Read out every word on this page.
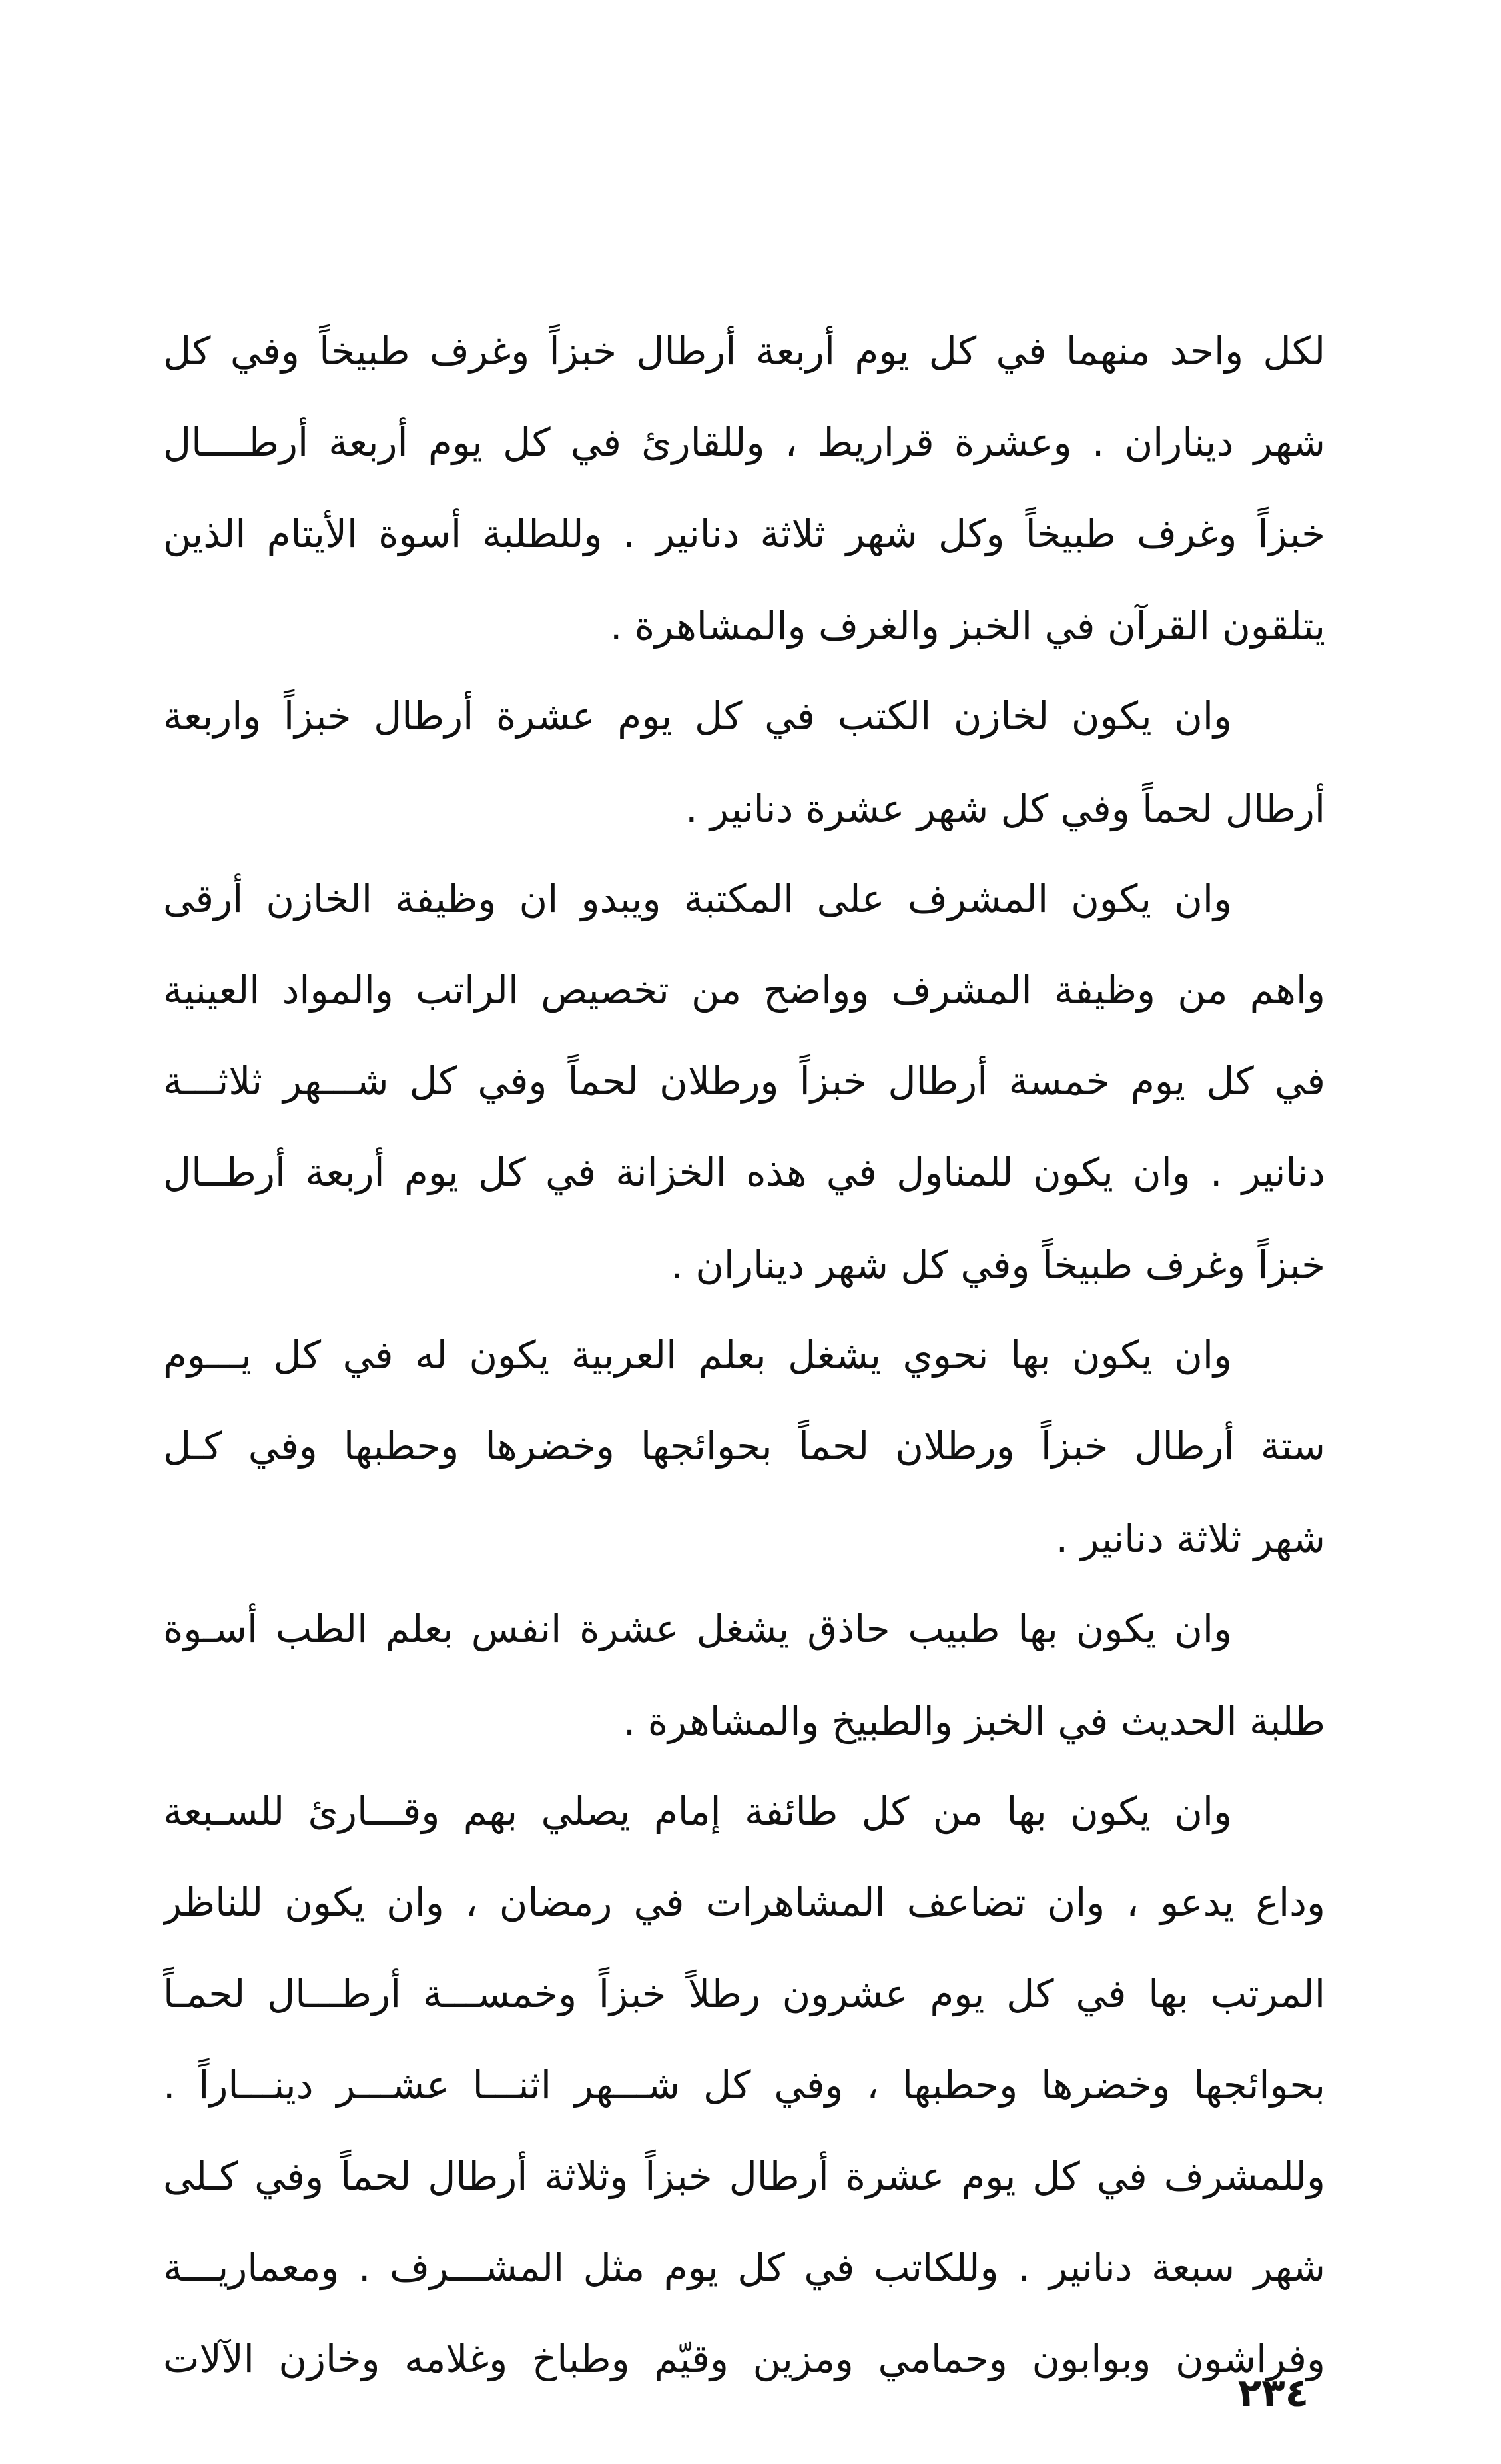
لكل واحد منهما في كل يوم أربعة أرطال خبزاً وغرف طبيخاً وفي كل
شهر ديناران . وعشرة قراريط ، وللقارئ في كل يوم أربعة أرطــــال
خبزاً وغرف طبيخاً وكل شهر ثلاثة دنانير . وللطلبة أسوة الأيتام الذين
يتلقون القرآن في الخبز والغرف والمشاهرة .
وان يكون لخازن الكتب في كل يوم عشرة أرطال خبزاً واربعة
أرطال لحماً وفي كل شهر عشرة دنانير .
وان يكون المشرف على المكتبة ويبدو ان وظيفة الخازن أرقى
واهم من وظيفة المشرف وواضح من تخصيص الراتب والمواد العينية
في كل يوم خمسة أرطال خبزاً ورطلان لحماً وفي كل شـــهر ثلاثـــة
دنانير . وان يكون للمناول في هذه الخزانة في كل يوم أربعة أرطــال
خبزاً وغرف طبيخاً وفي كل شهر ديناران .
وان يكون بها نحوي يشغل بعلم العربية يكون له في كل يـــوم
ستة أرطال خبزاً ورطلان لحماً بحوائجها وخضرها وحطبها وفي كـل
شهر ثلاثة دنانير .
وان يكون بها طبيب حاذق يشغل عشرة انفس بعلم الطب أسـوة
طلبة الحديث في الخبز والطبيخ والمشاهرة .
وان يكون بها من كل طائفة إمام يصلي بهم وقـــارئ للسـبعة
وداع يدعو ، وان تضاعف المشاهرات في رمضان ، وان يكون للناظر
المرتب بها في كل يوم عشرون رطلاً خبزاً وخمســـة أرطـــال لحمـاً
بحوائجها وخضرها وحطبها ، وفي كل شـــهر اثنـــا عشـــر دينـــاراً .
وللمشرف في كل يوم عشرة أرطال خبزاً وثلاثة أرطال لحماً وفي كـلى
شهر سبعة دنانير . وللكاتب في كل يوم مثل المشـــرف . ومعماريـــة
وفراشون وبوابون وحمامي ومزين وقيّم وطباخ وغلامه وخازن الآلات
٢٣٤
